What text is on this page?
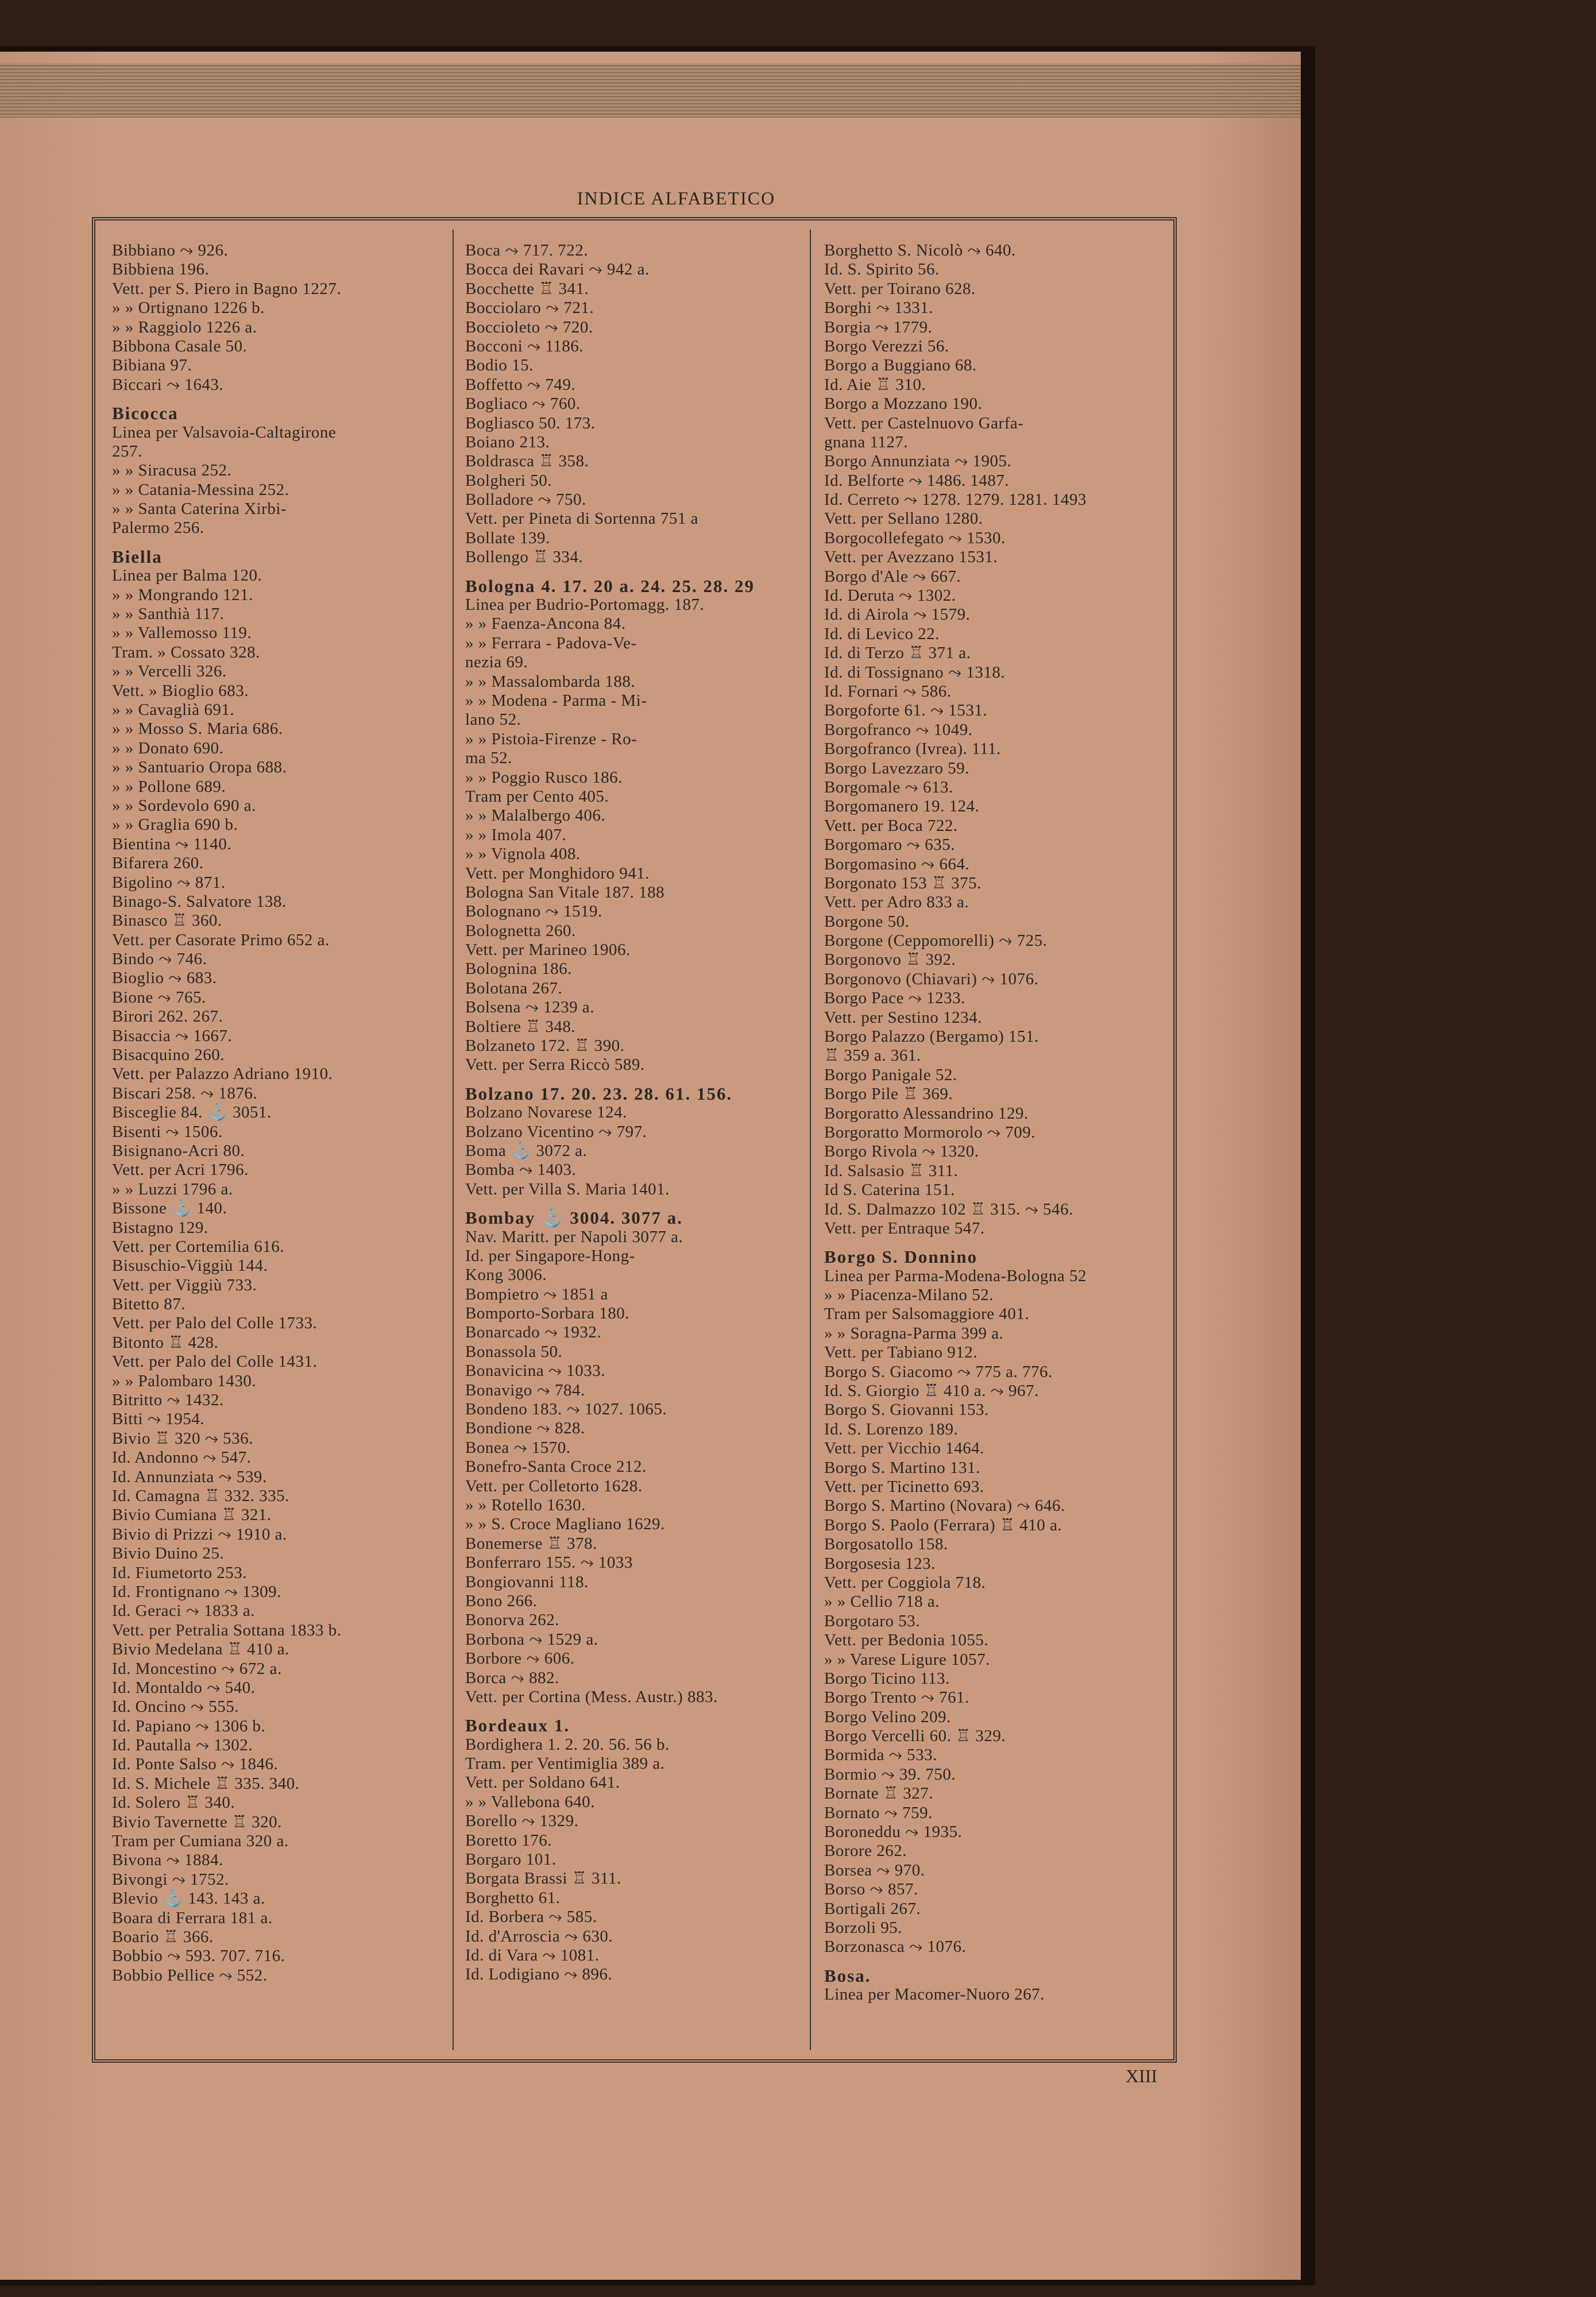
INDICE ALFABETICO
Bibbiano ⤳ 926.
Bibbiena 196.
Vett. per S. Piero in Bagno 1227.
» » Ortignano 1226 b.
» » Raggiolo 1226 a.
Bibbona Casale 50.
Bibiana 97.
Biccari ⤳ 1643.
Bicocca
Linea per Valsavoia-Caltagirone
257.
» » Siracusa 252.
» » Catania-Messina 252.
» » Santa Caterina Xirbi-
Palermo 256.
Biella
Linea per Balma 120.
» » Mongrando 121.
» » Santhià 117.
» » Vallemosso 119.
Tram. » Cossato 328.
» » Vercelli 326.
Vett. » Bioglio 683.
» » Cavaglià 691.
» » Mosso S. Maria 686.
» » Donato 690.
» » Santuario Oropa 688.
» » Pollone 689.
» » Sordevolo 690 a.
» » Graglia 690 b.
Bientina ⤳ 1140.
Bifarera 260.
Bigolino ⤳ 871.
Binago-S. Salvatore 138.
Binasco ♖ 360.
Vett. per Casorate Primo 652 a.
Bindo ⤳ 746.
Bioglio ⤳ 683.
Bione ⤳ 765.
Birori 262. 267.
Bisaccia ⤳ 1667.
Bisacquino 260.
Vett. per Palazzo Adriano 1910.
Biscari 258. ⤳ 1876.
Bisceglie 84. ⚓ 3051.
Bisenti ⤳ 1506.
Bisignano-Acri 80.
Vett. per Acri 1796.
» » Luzzi 1796 a.
Bissone ⚓ 140.
Bistagno 129.
Vett. per Cortemilia 616.
Bisuschio-Viggiù 144.
Vett. per Viggiù 733.
Bitetto 87.
Vett. per Palo del Colle 1733.
Bitonto ♖ 428.
Vett. per Palo del Colle 1431.
» » Palombaro 1430.
Bitritto ⤳ 1432.
Bitti ⤳ 1954.
Bivio ♖ 320 ⤳ 536.
Id. Andonno ⤳ 547.
Id. Annunziata ⤳ 539.
Id. Camagna ♖ 332. 335.
Bivio Cumiana ♖ 321.
Bivio di Prizzi ⤳ 1910 a.
Bivio Duino 25.
Id. Fiumetorto 253.
Id. Frontignano ⤳ 1309.
Id. Geraci ⤳ 1833 a.
Vett. per Petralia Sottana 1833 b.
Bivio Medelana ♖ 410 a.
Id. Moncestino ⤳ 672 a.
Id. Montaldo ⤳ 540.
Id. Oncino ⤳ 555.
Id. Papiano ⤳ 1306 b.
Id. Pautalla ⤳ 1302.
Id. Ponte Salso ⤳ 1846.
Id. S. Michele ♖ 335. 340.
Id. Solero ♖ 340.
Bivio Tavernette ♖ 320.
Tram per Cumiana 320 a.
Bivona ⤳ 1884.
Bivongi ⤳ 1752.
Blevio ⚓ 143. 143 a.
Boara di Ferrara 181 a.
Boario ♖ 366.
Bobbio ⤳ 593. 707. 716.
Bobbio Pellice ⤳ 552.
Boca ⤳ 717. 722.
Bocca dei Ravari ⤳ 942 a.
Bocchette ♖ 341.
Bocciolaro ⤳ 721.
Boccioleto ⤳ 720.
Bocconi ⤳ 1186.
Bodio 15.
Boffetto ⤳ 749.
Bogliaco ⤳ 760.
Bogliasco 50. 173.
Boiano 213.
Boldrasca ♖ 358.
Bolgheri 50.
Bolladore ⤳ 750.
Vett. per Pineta di Sortenna 751 a
Bollate 139.
Bollengo ♖ 334.
Bologna 4. 17. 20 a. 24. 25. 28. 29
Linea per Budrio-Portomagg. 187.
» » Faenza-Ancona 84.
» » Ferrara - Padova-Ve-
nezia 69.
» » Massalombarda 188.
» » Modena - Parma - Mi-
lano 52.
» » Pistoia-Firenze - Ro-
ma 52.
» » Poggio Rusco 186.
Tram per Cento 405.
» » Malalbergo 406.
» » Imola 407.
» » Vignola 408.
Vett. per Monghidoro 941.
Bologna San Vitale 187. 188
Bolognano ⤳ 1519.
Bolognetta 260.
Vett. per Marineo 1906.
Bolognina 186.
Bolotana 267.
Bolsena ⤳ 1239 a.
Boltiere ♖ 348.
Bolzaneto 172. ♖ 390.
Vett. per Serra Riccò 589.
Bolzano 17. 20. 23. 28. 61. 156.
Bolzano Novarese 124.
Bolzano Vicentino ⤳ 797.
Boma ⚓ 3072 a.
Bomba ⤳ 1403.
Vett. per Villa S. Maria 1401.
Bombay ⚓ 3004. 3077 a.
Nav. Maritt. per Napoli 3077 a.
Id. per Singapore-Hong-
Kong 3006.
Bompietro ⤳ 1851 a
Bomporto-Sorbara 180.
Bonarcado ⤳ 1932.
Bonassola 50.
Bonavicina ⤳ 1033.
Bonavigo ⤳ 784.
Bondeno 183. ⤳ 1027. 1065.
Bondione ⤳ 828.
Bonea ⤳ 1570.
Bonefro-Santa Croce 212.
Vett. per Colletorto 1628.
» » Rotello 1630.
» » S. Croce Magliano 1629.
Bonemerse ♖ 378.
Bonferraro 155. ⤳ 1033
Bongiovanni 118.
Bono 266.
Bonorva 262.
Borbona ⤳ 1529 a.
Borbore ⤳ 606.
Borca ⤳ 882.
Vett. per Cortina (Mess. Austr.) 883.
Bordeaux 1.
Bordighera 1. 2. 20. 56. 56 b.
Tram. per Ventimiglia 389 a.
Vett. per Soldano 641.
» » Vallebona 640.
Borello ⤳ 1329.
Boretto 176.
Borgaro 101.
Borgata Brassi ♖ 311.
Borghetto 61.
Id. Borbera ⤳ 585.
Id. d'Arroscia ⤳ 630.
Id. di Vara ⤳ 1081.
Id. Lodigiano ⤳ 896.
Borghetto S. Nicolò ⤳ 640.
Id. S. Spirito 56.
Vett. per Toirano 628.
Borghi ⤳ 1331.
Borgia ⤳ 1779.
Borgo Verezzi 56.
Borgo a Buggiano 68.
Id. Aie ♖ 310.
Borgo a Mozzano 190.
Vett. per Castelnuovo Garfa-
gnana 1127.
Borgo Annunziata ⤳ 1905.
Id. Belforte ⤳ 1486. 1487.
Id. Cerreto ⤳ 1278. 1279. 1281. 1493
Vett. per Sellano 1280.
Borgocollefegato ⤳ 1530.
Vett. per Avezzano 1531.
Borgo d'Ale ⤳ 667.
Id. Deruta ⤳ 1302.
Id. di Airola ⤳ 1579.
Id. di Levico 22.
Id. di Terzo ♖ 371 a.
Id. di Tossignano ⤳ 1318.
Id. Fornari ⤳ 586.
Borgoforte 61. ⤳ 1531.
Borgofranco ⤳ 1049.
Borgofranco (Ivrea). 111.
Borgo Lavezzaro 59.
Borgomale ⤳ 613.
Borgomanero 19. 124.
Vett. per Boca 722.
Borgomaro ⤳ 635.
Borgomasino ⤳ 664.
Borgonato 153 ♖ 375.
Vett. per Adro 833 a.
Borgone 50.
Borgone (Ceppomorelli) ⤳ 725.
Borgonovo ♖ 392.
Borgonovo (Chiavari) ⤳ 1076.
Borgo Pace ⤳ 1233.
Vett. per Sestino 1234.
Borgo Palazzo (Bergamo) 151.
♖ 359 a. 361.
Borgo Panigale 52.
Borgo Pile ♖ 369.
Borgoratto Alessandrino 129.
Borgoratto Mormorolo ⤳ 709.
Borgo Rivola ⤳ 1320.
Id. Salsasio ♖ 311.
Id S. Caterina 151.
Id. S. Dalmazzo 102 ♖ 315. ⤳ 546.
Vett. per Entraque 547.
Borgo S. Donnino
Linea per Parma-Modena-Bologna 52
» » Piacenza-Milano 52.
Tram per Salsomaggiore 401.
» » Soragna-Parma 399 a.
Vett. per Tabiano 912.
Borgo S. Giacomo ⤳ 775 a. 776.
Id. S. Giorgio ♖ 410 a. ⤳ 967.
Borgo S. Giovanni 153.
Id. S. Lorenzo 189.
Vett. per Vicchio 1464.
Borgo S. Martino 131.
Vett. per Ticinetto 693.
Borgo S. Martino (Novara) ⤳ 646.
Borgo S. Paolo (Ferrara) ♖ 410 a.
Borgosatollo 158.
Borgosesia 123.
Vett. per Coggiola 718.
» » Cellio 718 a.
Borgotaro 53.
Vett. per Bedonia 1055.
» » Varese Ligure 1057.
Borgo Ticino 113.
Borgo Trento ⤳ 761.
Borgo Velino 209.
Borgo Vercelli 60. ♖ 329.
Bormida ⤳ 533.
Bormio ⤳ 39. 750.
Bornate ♖ 327.
Bornato ⤳ 759.
Boroneddu ⤳ 1935.
Borore 262.
Borsea ⤳ 970.
Borso ⤳ 857.
Bortigali 267.
Borzoli 95.
Borzonasca ⤳ 1076.
Bosa.
Linea per Macomer-Nuoro 267.
XIII
